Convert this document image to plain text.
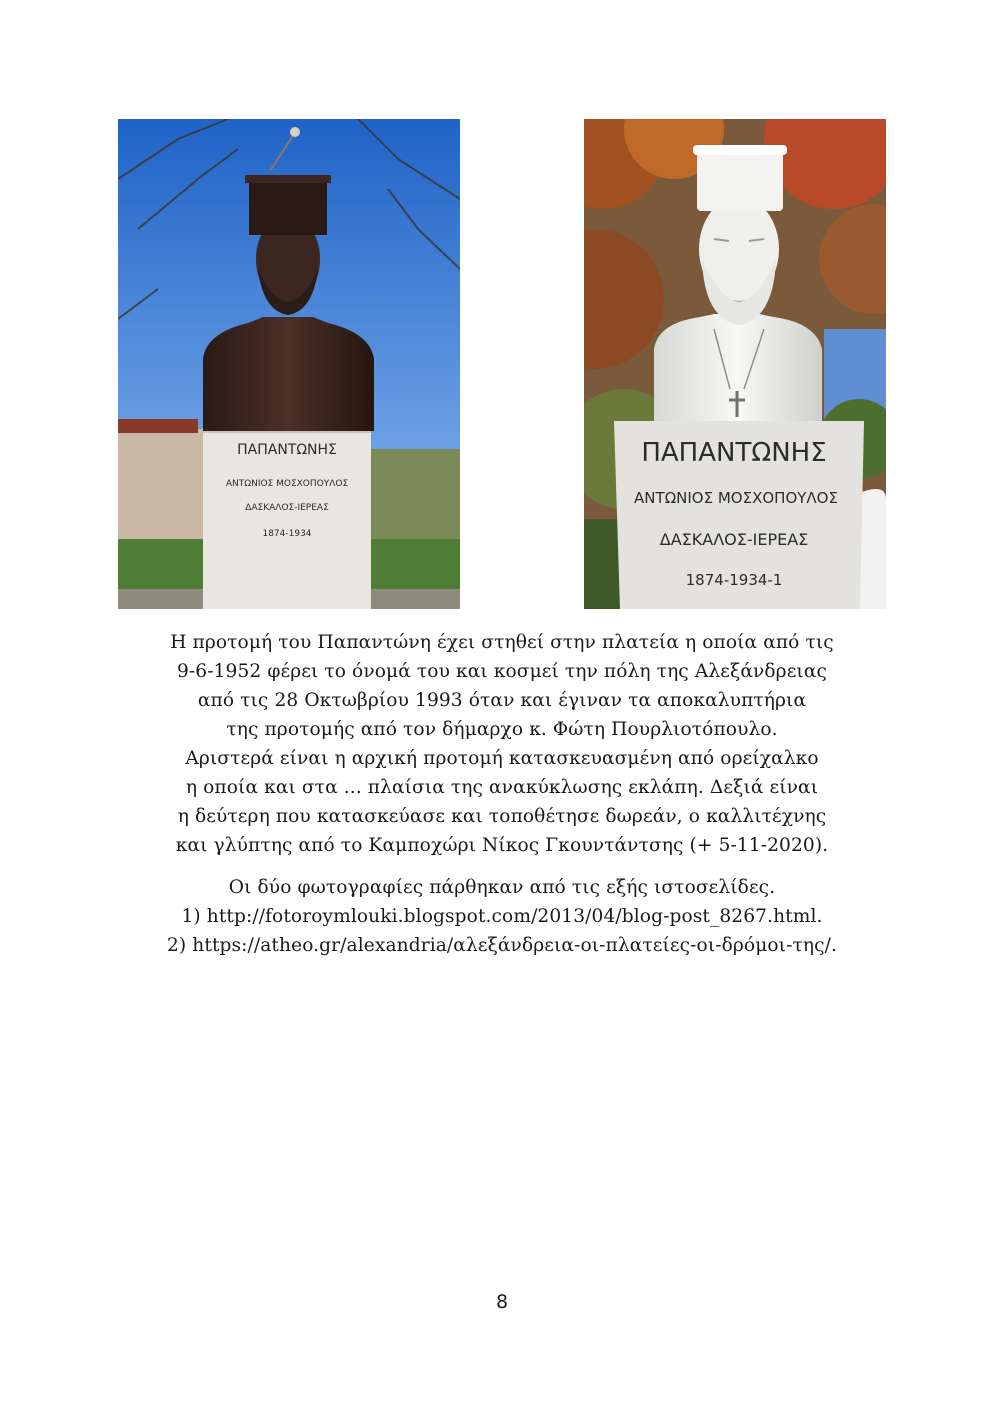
ΠΑΠΑΝΤΩΝΗΣ
ΑΝΤΩΝΙΟΣ ΜΟΣΧΟΠΟΥΛΟΣ
ΔΑΣΚΑΛΟΣ-ΙΕΡΕΑΣ
1874-1934
ΠΑΠΑΝΤΩΝΗΣ
ΑΝΤΩΝΙΟΣ ΜΟΣΧΟΠΟΥΛΟΣ
ΔΑΣΚΑΛΟΣ-ΙΕΡΕΑΣ
1874-1934-1
Η προτομή του Παπαντώνη έχει στηθεί στην πλατεία η οποία από τις
9-6-1952 φέρει το όνομά του και κοσμεί την πόλη της Αλεξάνδρειας
από τις 28 Οκτωβρίου 1993 όταν και έγιναν τα αποκαλυπτήρια
της προτομής από τον δήμαρχο κ. Φώτη Πουρλιοτόπουλο.
Αριστερά είναι η αρχική προτομή κατασκευασμένη από ορείχαλκο
η οποία και στα ... πλαίσια της ανακύκλωσης εκλάπη. Δεξιά είναι
η δεύτερη που κατασκεύασε και τοποθέτησε δωρεάν, ο καλλιτέχνης
και γλύπτης από το Καμποχώρι Νίκος Γκουντάντσης (+ 5-11-2020).
Οι δύο φωτογραφίες πάρθηκαν από τις εξής ιστοσελίδες.
1) http://fotoroymlouki.blogspot.com/2013/04/blog-post_8267.html.
2) https://atheo.gr/alexandria/αλεξάνδρεια-οι-πλατείες-οι-δρόμοι-της/.
8
